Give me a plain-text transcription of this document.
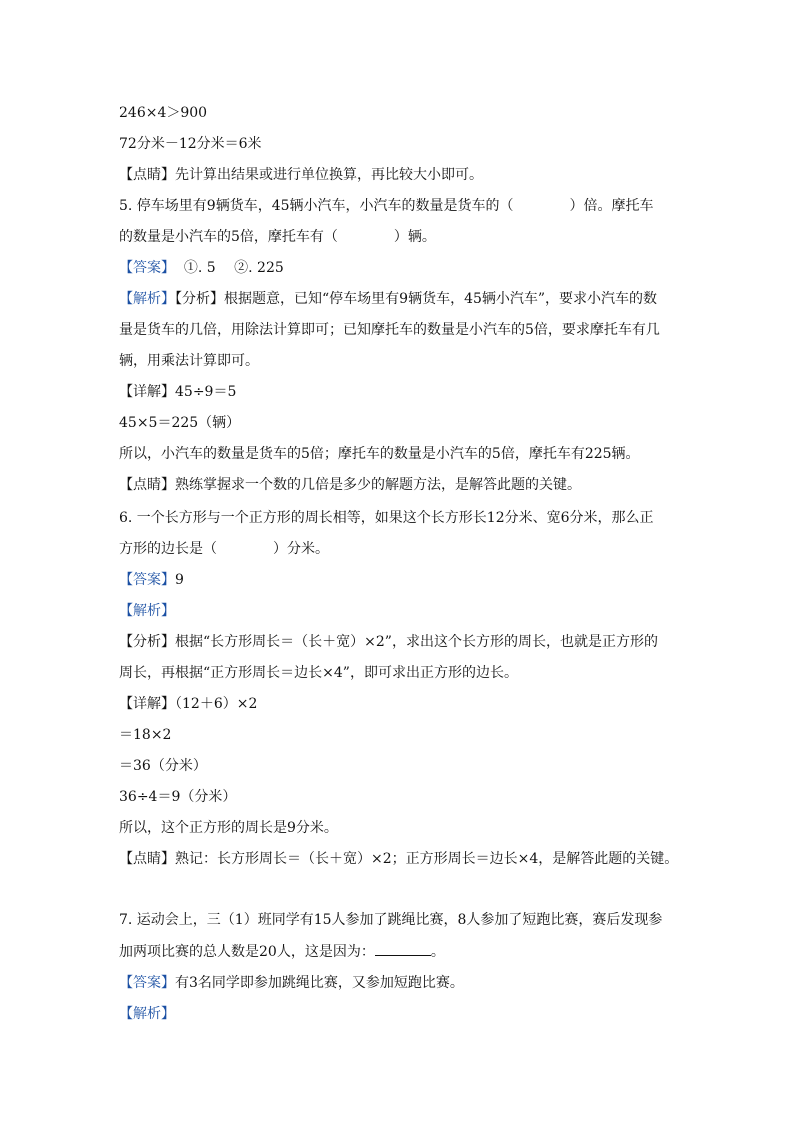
246×4＞900
72分米－12分米＝6米
【点睛】先计算出结果或进行单位换算，再比较大小即可。
5. 停车场里有9辆货车，45辆小汽车，小汽车的数量是货车的（　　　　）倍。摩托车
的数量是小汽车的5倍，摩托车有（　　　　）辆。
【答案】  ①. 5　 ②. 225
【解析】【分析】根据题意，已知“停车场里有9辆货车，45辆小汽车”，要求小汽车的数
量是货车的几倍，用除法计算即可；已知摩托车的数量是小汽车的5倍，要求摩托车有几
辆，用乘法计算即可。
【详解】45÷9＝5
45×5＝225（辆）
所以，小汽车的数量是货车的5倍；摩托车的数量是小汽车的5倍，摩托车有225辆。
【点睛】熟练掌握求一个数的几倍是多少的解题方法，是解答此题的关键。
6. 一个长方形与一个正方形的周长相等，如果这个长方形长12分米、宽6分米，那么正
方形的边长是（　　　　）分米。
【答案】9
【解析】
【分析】根据“长方形周长＝（长＋宽）×2”，求出这个长方形的周长，也就是正方形的
周长，再根据“正方形周长＝边长×4”，即可求出正方形的边长。
【详解】（12＋6）×2
＝18×2
＝36（分米）
36÷4＝9（分米）
所以，这个正方形的周长是9分米。
【点睛】熟记：长方形周长＝（长＋宽）×2；正方形周长＝边长×4，是解答此题的关键。
7. 运动会上，三（1）班同学有15人参加了跳绳比赛，8人参加了短跑比赛，赛后发现参
加两项比赛的总人数是20人，这是因为：	。
【答案】有3名同学即参加跳绳比赛，又参加短跑比赛。
【解析】
